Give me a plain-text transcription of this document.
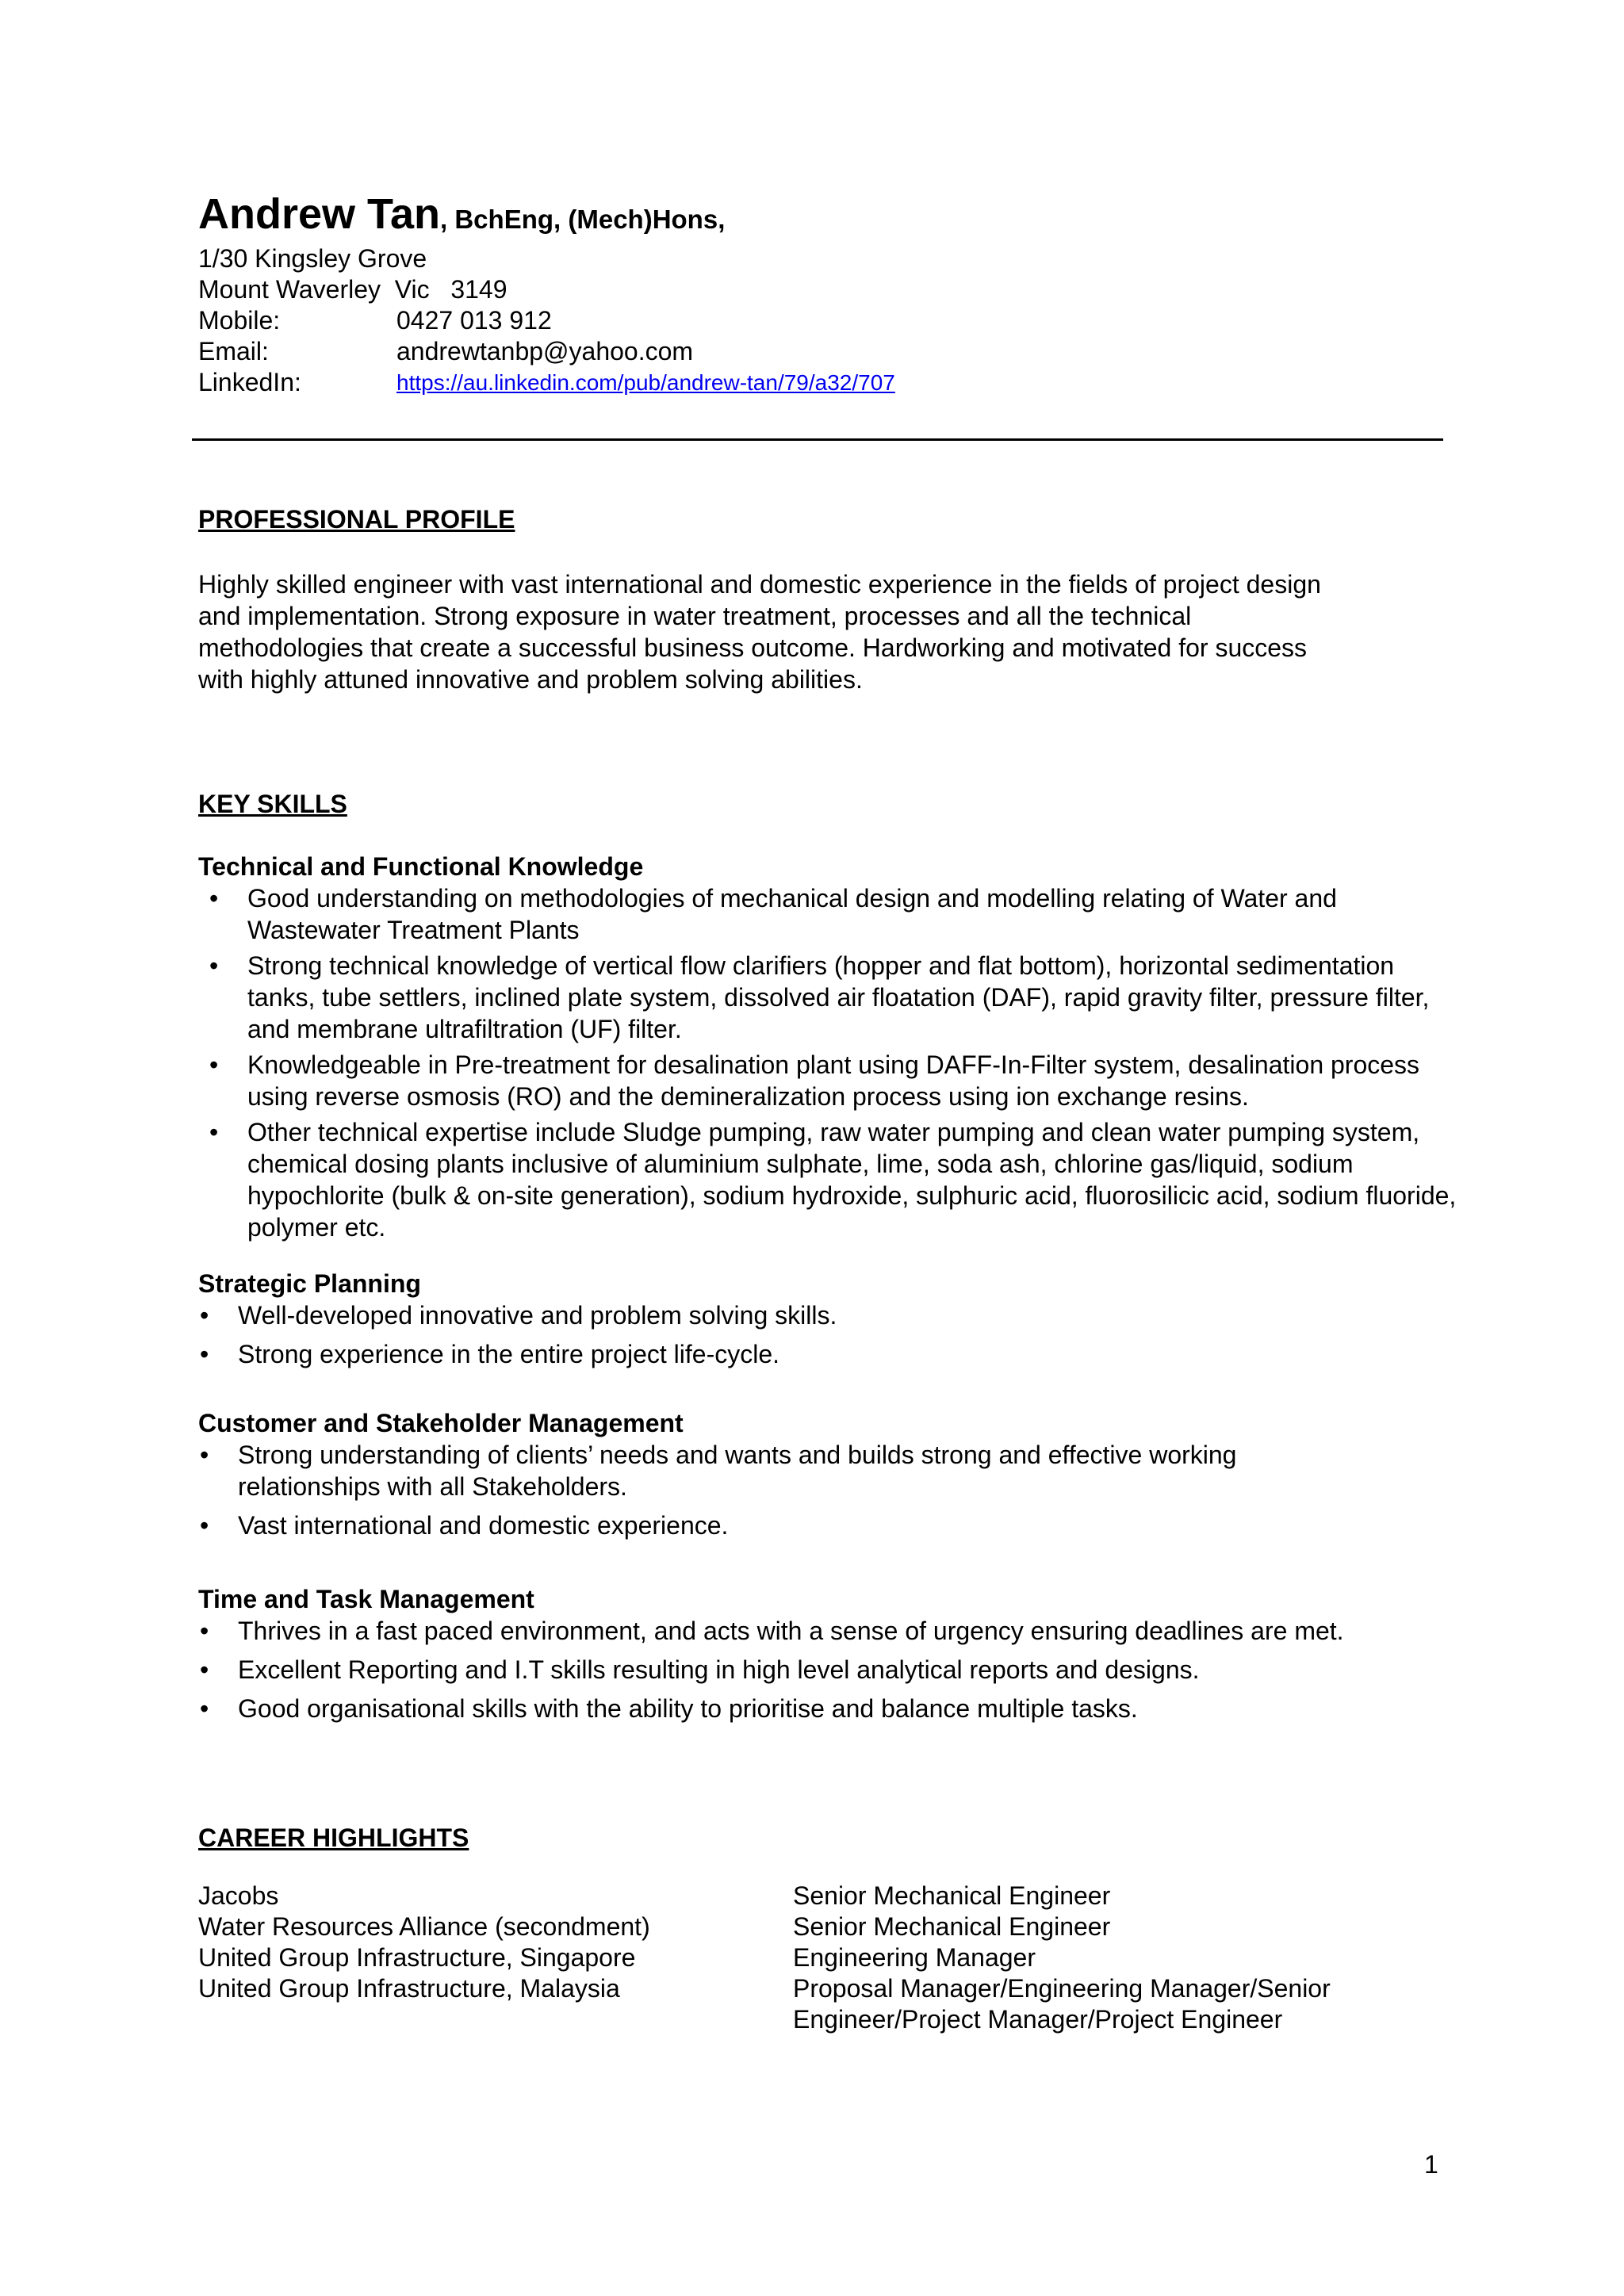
Andrew Tan, BchEng, (Mech)Hons,
1/30 Kingsley Grove
Mount Waverley  Vic   3149
Mobile:	0427 013 912
Email:	andrewtanbp@yahoo.com
LinkedIn:	https://au.linkedin.com/pub/andrew-tan/79/a32/707
PROFESSIONAL PROFILE
Highly skilled engineer with vast international and domestic experience in the fields of project design
and implementation. Strong exposure in water treatment, processes and all the technical
methodologies that create a successful business outcome. Hardworking and motivated for success
with highly attuned innovative and problem solving abilities.
KEY SKILLS
Technical and Functional Knowledge
• Good understanding on methodologies of mechanical design and modelling relating of Water and Wastewater Treatment Plants
• Strong technical knowledge of vertical flow clarifiers (hopper and flat bottom), horizontal sedimentation tanks, tube settlers, inclined plate system, dissolved air floatation (DAF), rapid gravity filter, pressure filter, and membrane ultrafiltration (UF) filter.
• Knowledgeable in Pre-treatment for desalination plant using DAFF-In-Filter system, desalination process using reverse osmosis (RO) and the demineralization process using ion exchange resins.
• Other technical expertise include Sludge pumping, raw water pumping and clean water pumping system, chemical dosing plants inclusive of aluminium sulphate, lime, soda ash, chlorine gas/liquid, sodium hypochlorite (bulk & on-site generation), sodium hydroxide, sulphuric acid, fluorosilicic acid, sodium fluoride, polymer etc.
Strategic Planning
• Well-developed innovative and problem solving skills.
• Strong experience in the entire project life-cycle.
Customer and Stakeholder Management
• Strong understanding of clients’ needs and wants and builds strong and effective working relationships with all Stakeholders.
• Vast international and domestic experience.
Time and Task Management
• Thrives in a fast paced environment, and acts with a sense of urgency ensuring deadlines are met.
• Excellent Reporting and I.T skills resulting in high level analytical reports and designs.
• Good organisational skills with the ability to prioritise and balance multiple tasks.
CAREER HIGHLIGHTS
Jacobs	Senior Mechanical Engineer
Water Resources Alliance (secondment)	Senior Mechanical Engineer
United Group Infrastructure, Singapore	Engineering Manager
United Group Infrastructure, Malaysia	Proposal Manager/Engineering Manager/Senior Engineer/Project Manager/Project Engineer
1
